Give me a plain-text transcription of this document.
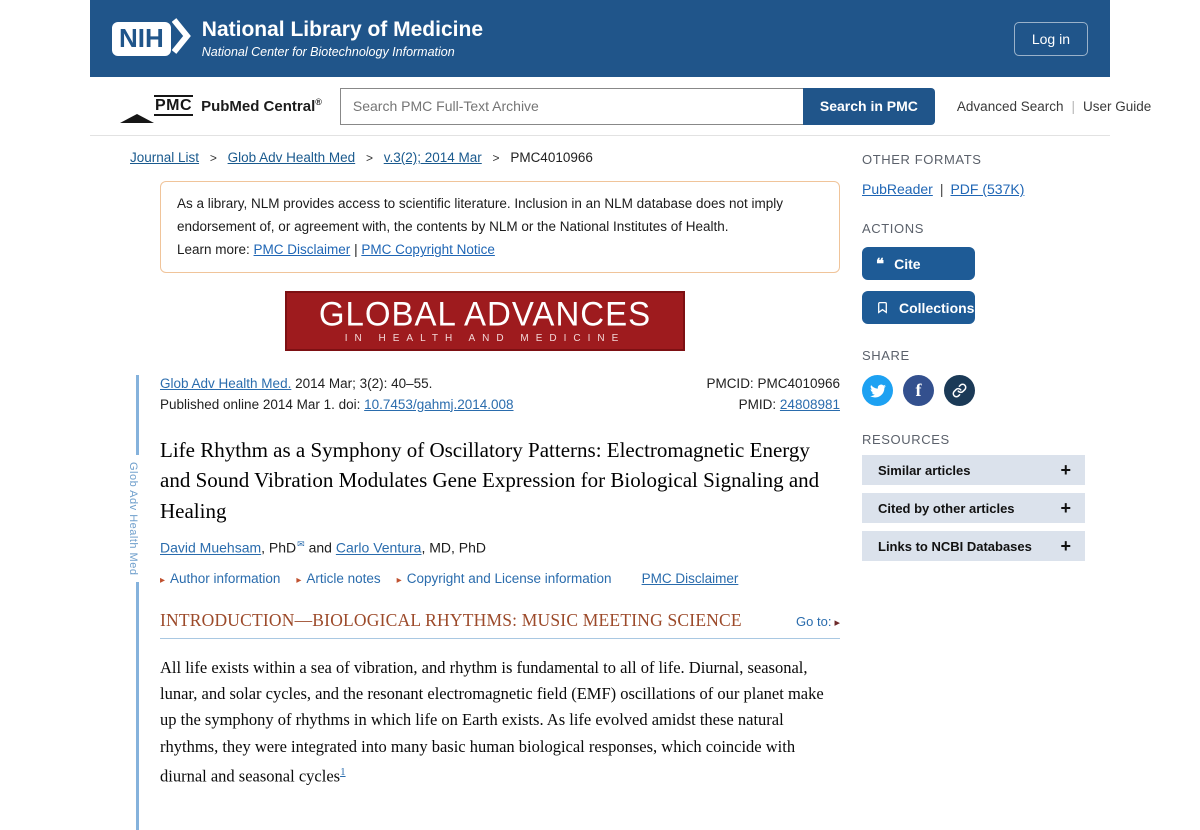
NIH	National Library of Medicine
National Center for Biotechnology Information
Log in
PMC PubMed Central®
Search PMC Full-Text Archive	Search in PMC	Advanced Search | User Guide
Journal List > Glob Adv Health Med > v.3(2); 2014 Mar > PMC4010966
As a library, NLM provides access to scientific literature. Inclusion in an NLM database does not imply endorsement of, or agreement with, the contents by NLM or the National Institutes of Health.
Learn more: PMC Disclaimer | PMC Copyright Notice
GLOBAL ADVANCES
IN HEALTH AND MEDICINE
Glob Adv Health Med
Glob Adv Health Med. 2014 Mar; 3(2): 40–55.	PMCID: PMC4010966
Published online 2014 Mar 1. doi: 10.7453/gahmj.2014.008	PMID: 24808981
Life Rhythm as a Symphony of Oscillatory Patterns: Electromagnetic Energy and Sound Vibration Modulates Gene Expression for Biological Signaling and Healing
David Muehsam, PhD✉ and Carlo Ventura, MD, PhD
▸ Author information ▸ Article notes ▸ Copyright and License information PMC Disclaimer
INTRODUCTION—BIOLOGICAL RHYTHMS: MUSIC MEETING SCIENCE	Go to: ▸

All life exists within a sea of vibration, and rhythm is fundamental to all of life. Diurnal, seasonal, lunar, and solar cycles, and the resonant electromagnetic field (EMF) oscillations of our planet make up the symphony of rhythms in which life on Earth exists. As life evolved amidst these natural rhythms, they were integrated into many basic human biological responses, which coincide with diurnal and seasonal cycles$^1$

OTHER FORMATS
PubReader | PDF (537K)
ACTIONS
❝ Cite
Collections
SHARE
f
RESOURCES
Similar articles	+
Cited by other articles	+
Links to NCBI Databases +
